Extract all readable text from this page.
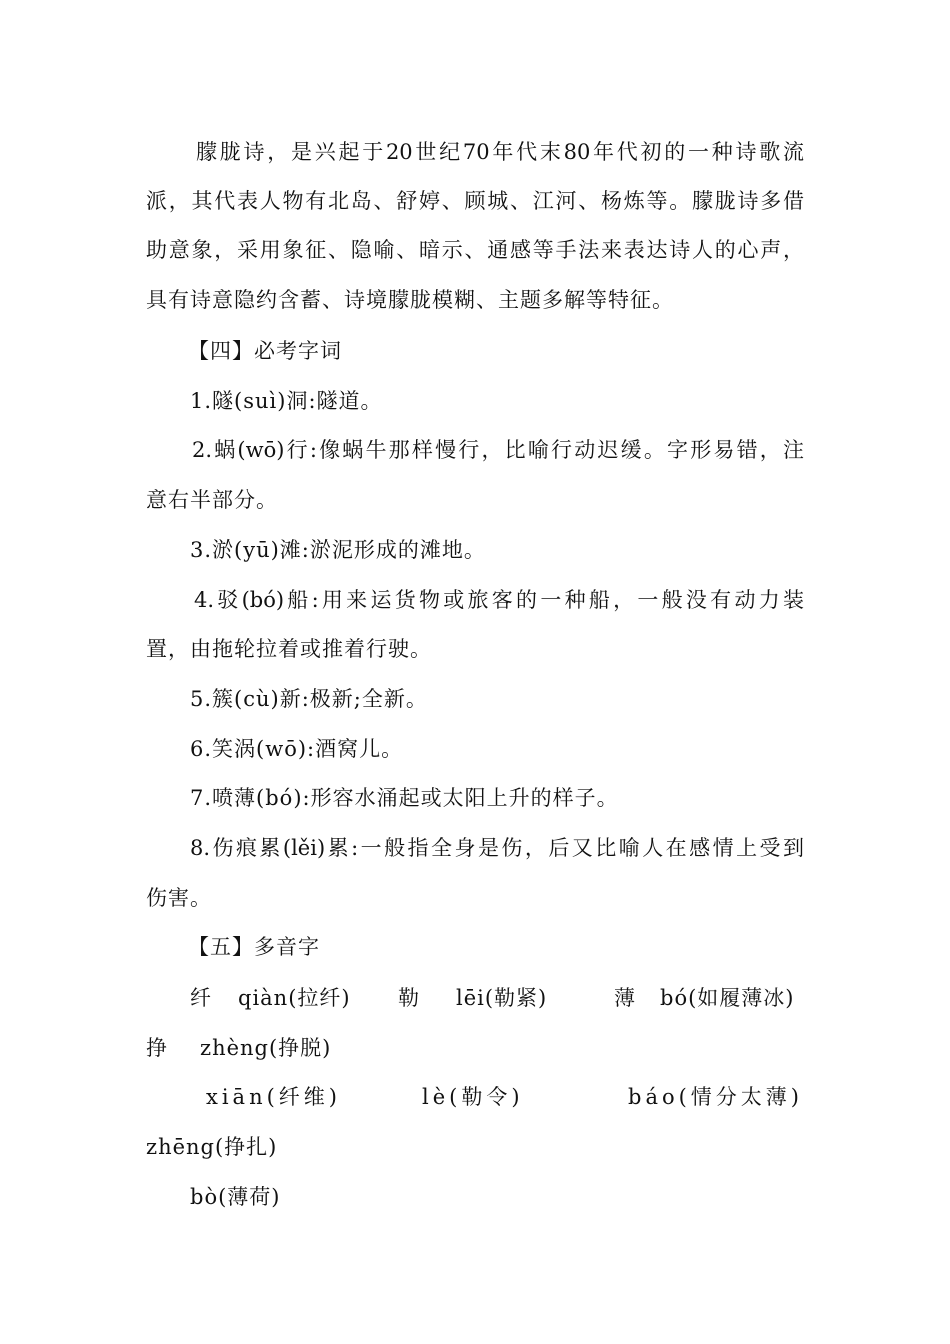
朦胧诗，是兴起于20世纪70年代末80年代初的一种诗歌流
派，其代表人物有北岛、舒婷、顾城、江河、杨炼等。朦胧诗多借
助意象，采用象征、隐喻、暗示、通感等手法来表达诗人的心声，
具有诗意隐约含蓄、诗境朦胧模糊、主题多解等特征。
【四】必考字词
1.隧(suì)洞:隧道。
2.蜗(wō)行:像蜗牛那样慢行，比喻行动迟缓。字形易错，注
意右半部分。
3.淤(yū)滩:淤泥形成的滩地。
4.驳(bó)船:用来运货物或旅客的一种船，一般没有动力装
置，由拖轮拉着或推着行驶。
5.簇(cù)新:极新;全新。
6.笑涡(wō):酒窝儿。
7.喷薄(bó):形容水涌起或太阳上升的样子。
8.伤痕累(lěi)累:一般指全身是伤，后又比喻人在感情上受到
伤害。
【五】多音字
纤 qiàn(拉纤) 勒 lēi(勒紧)	薄 bó(如履薄冰)
挣 zhèng(挣脱)
xiān(纤维)	lè(勒令)	báo(情分太薄)
zhēng(挣扎)
bò(薄荷)
